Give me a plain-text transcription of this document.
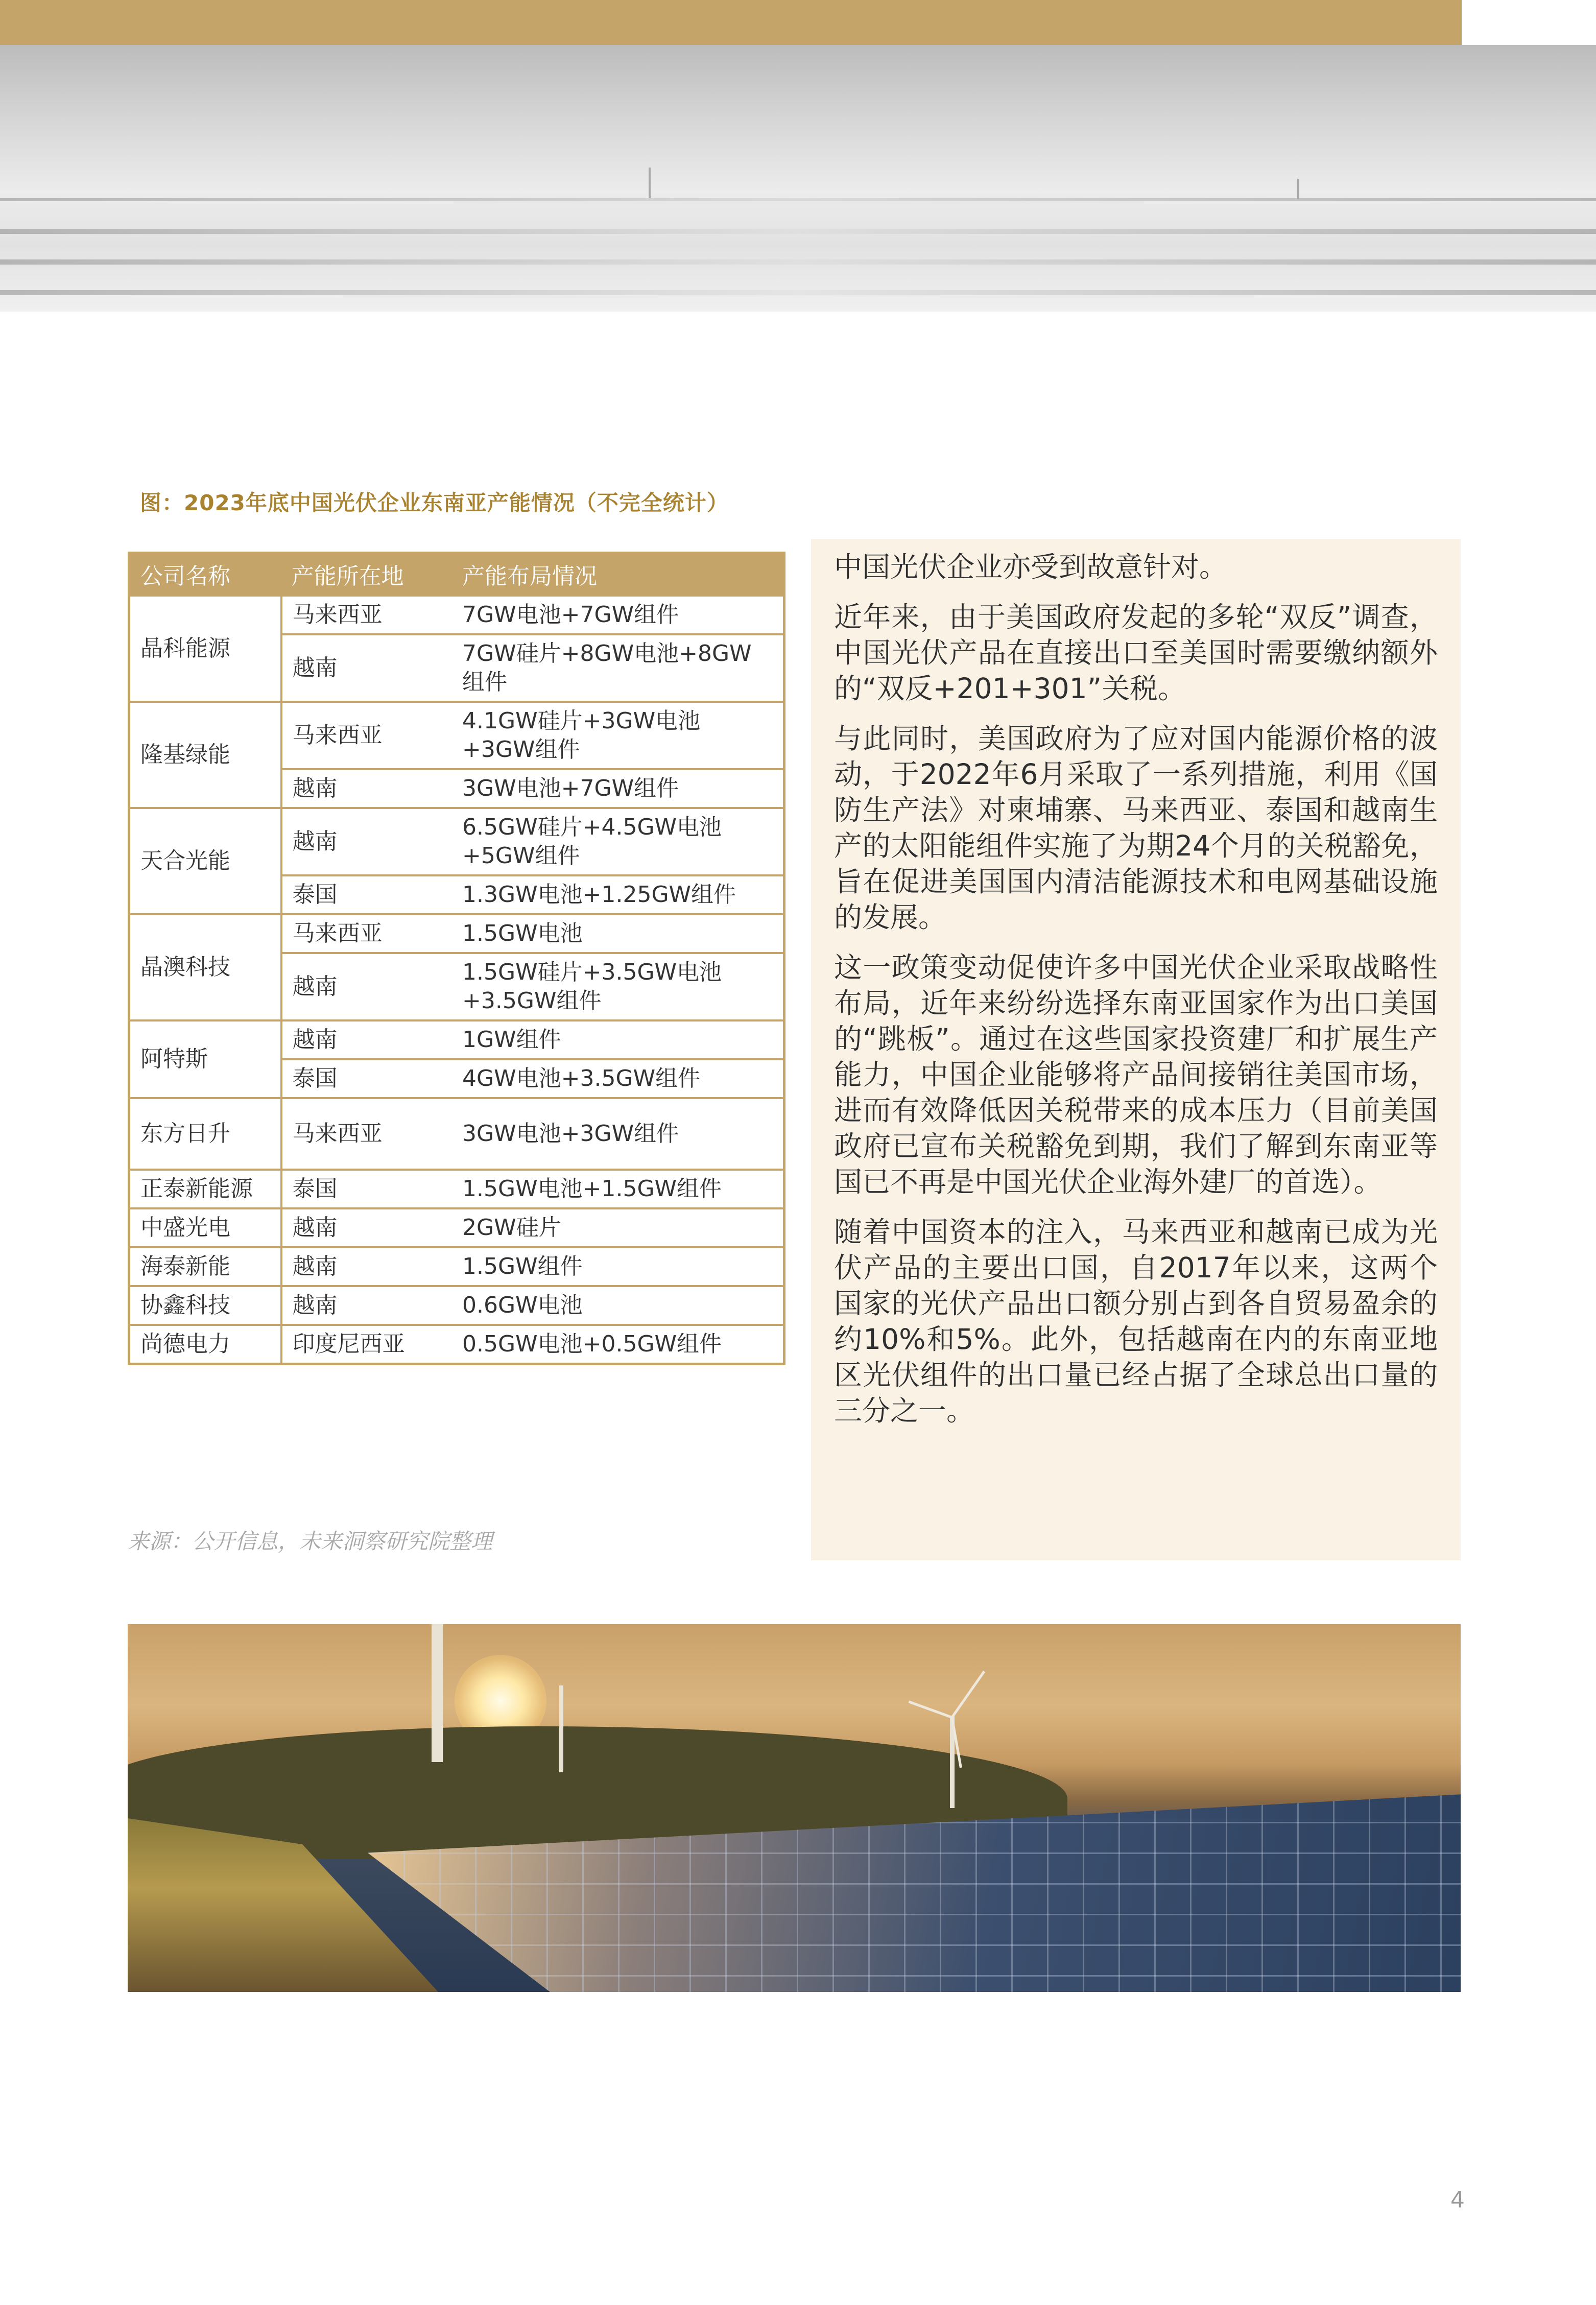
图：2023年底中国光伏企业东南亚产能情况（不完全统计）
公司名称	产能所在地	产能布局情况
晶科能源	马来西亚	7GW电池+7GW组件
	越南	7GW硅片+8GW电池+8GW组件
隆基绿能	马来西亚	4.1GW硅片+3GW电池+3GW组件
	越南	3GW电池+7GW组件
天合光能	越南	6.5GW硅片+4.5GW电池+5GW组件
	泰国	1.3GW电池+1.25GW组件
晶澳科技	马来西亚	1.5GW电池
	越南	1.5GW硅片+3.5GW电池+3.5GW组件
阿特斯	越南	1GW组件
	泰国	4GW电池+3.5GW组件
东方日升	马来西亚	3GW电池+3GW组件
正泰新能源	泰国	1.5GW电池+1.5GW组件
中盛光电	越南	2GW硅片
海泰新能	越南	1.5GW组件
协鑫科技	越南	0.6GW电池
尚德电力	印度尼西亚	0.5GW电池+0.5GW组件
来源：公开信息，未来洞察研究院整理

中国光伏企业亦受到故意针对。

近年来，由于美国政府发起的多轮“双反”调查，中国光伏产品在直接出口至美国时需要缴纳额外的“双反+201+301”关税。

与此同时，美国政府为了应对国内能源价格的波动，于2022年6月采取了一系列措施，利用《国防生产法》对柬埔寨、马来西亚、泰国和越南生产的太阳能组件实施了为期24个月的关税豁免，旨在促进美国国内清洁能源技术和电网基础设施的发展。

这一政策变动促使许多中国光伏企业采取战略性布局，近年来纷纷选择东南亚国家作为出口美国的“跳板”。通过在这些国家投资建厂和扩展生产能力，中国企业能够将产品间接销往美国市场，进而有效降低因关税带来的成本压力（目前美国政府已宣布关税豁免到期，我们了解到东南亚等国已不再是中国光伏企业海外建厂的首选）。

随着中国资本的注入，马来西亚和越南已成为光伏产品的主要出口国，自2017年以来，这两个国家的光伏产品出口额分别占到各自贸易盈余的约10%和5%。此外，包括越南在内的东南亚地区光伏组件的出口量已经占据了全球总出口量的三分之一。

4
